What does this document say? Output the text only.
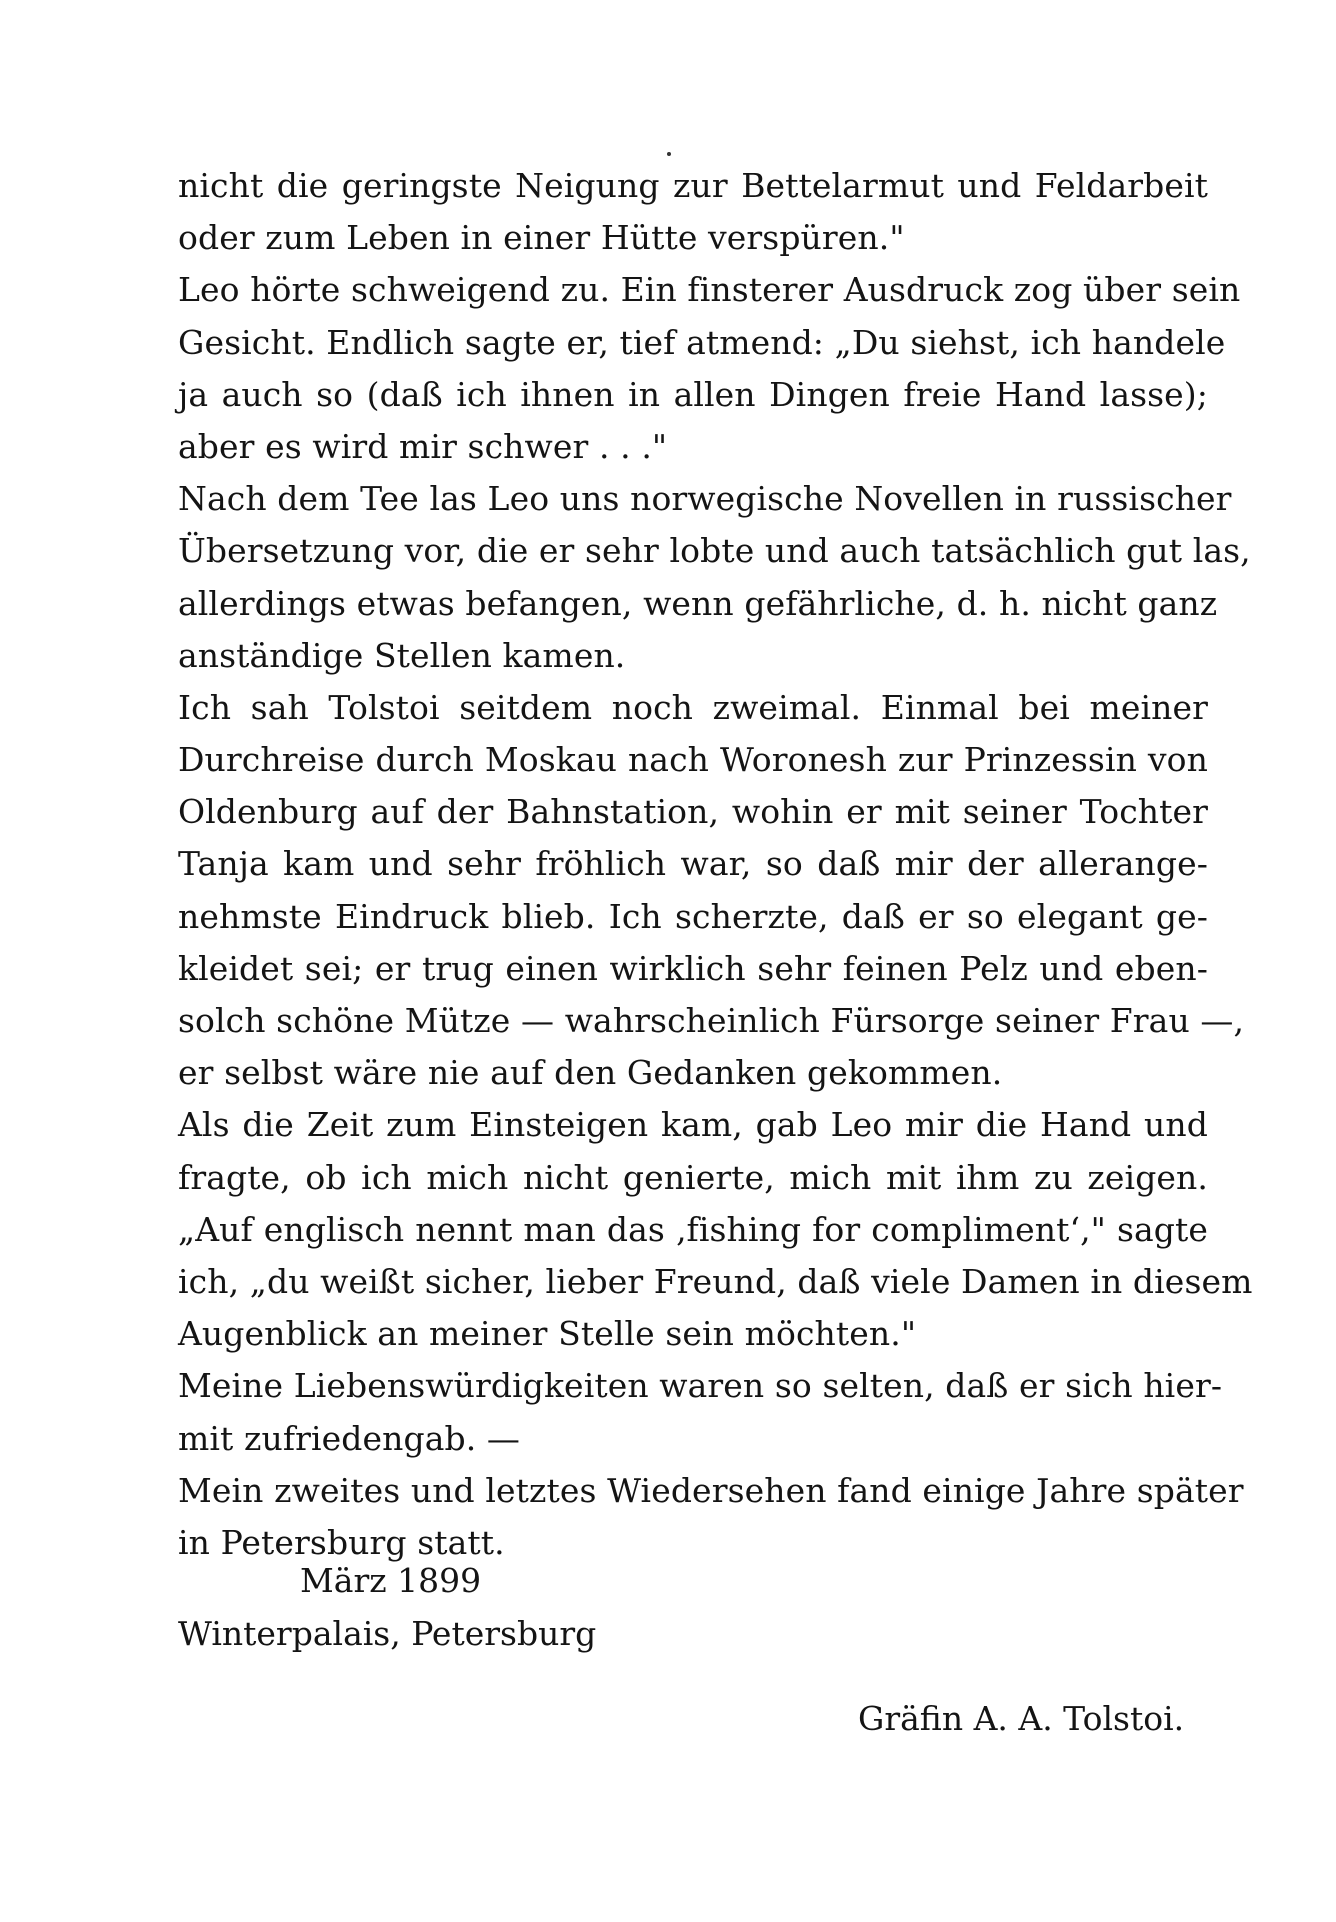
nicht die geringste Neigung zur Bettelarmut und Feldarbeit
oder zum Leben in einer Hütte verspüren."
Leo hörte schweigend zu. Ein finsterer Ausdruck zog über sein
Gesicht. Endlich sagte er, tief atmend: „Du siehst, ich handele
ja auch so (daß ich ihnen in allen Dingen freie Hand lasse);
aber es wird mir schwer . . ."
Nach dem Tee las Leo uns norwegische Novellen in russischer
Übersetzung vor, die er sehr lobte und auch tatsächlich gut las,
allerdings etwas befangen, wenn gefährliche, d. h. nicht ganz
anständige Stellen kamen.
Ich sah Tolstoi seitdem noch zweimal. Einmal bei meiner
Durchreise durch Moskau nach Woronesh zur Prinzessin von
Oldenburg auf der Bahnstation, wohin er mit seiner Tochter
Tanja kam und sehr fröhlich war, so daß mir der allerange-
nehmste Eindruck blieb. Ich scherzte, daß er so elegant ge-
kleidet sei; er trug einen wirklich sehr feinen Pelz und eben-
solch schöne Mütze — wahrscheinlich Fürsorge seiner Frau —,
er selbst wäre nie auf den Gedanken gekommen.
Als die Zeit zum Einsteigen kam, gab Leo mir die Hand und
fragte, ob ich mich nicht genierte, mich mit ihm zu zeigen.
„Auf englisch nennt man das ‚fishing for compliment‘," sagte
ich, „du weißt sicher, lieber Freund, daß viele Damen in diesem
Augenblick an meiner Stelle sein möchten."
Meine Liebenswürdigkeiten waren so selten, daß er sich hier-
mit zufriedengab. —
Mein zweites und letztes Wiedersehen fand einige Jahre später
in Petersburg statt.
März 1899
Winterpalais, Petersburg
Gräfin A. A. Tolstoi.
